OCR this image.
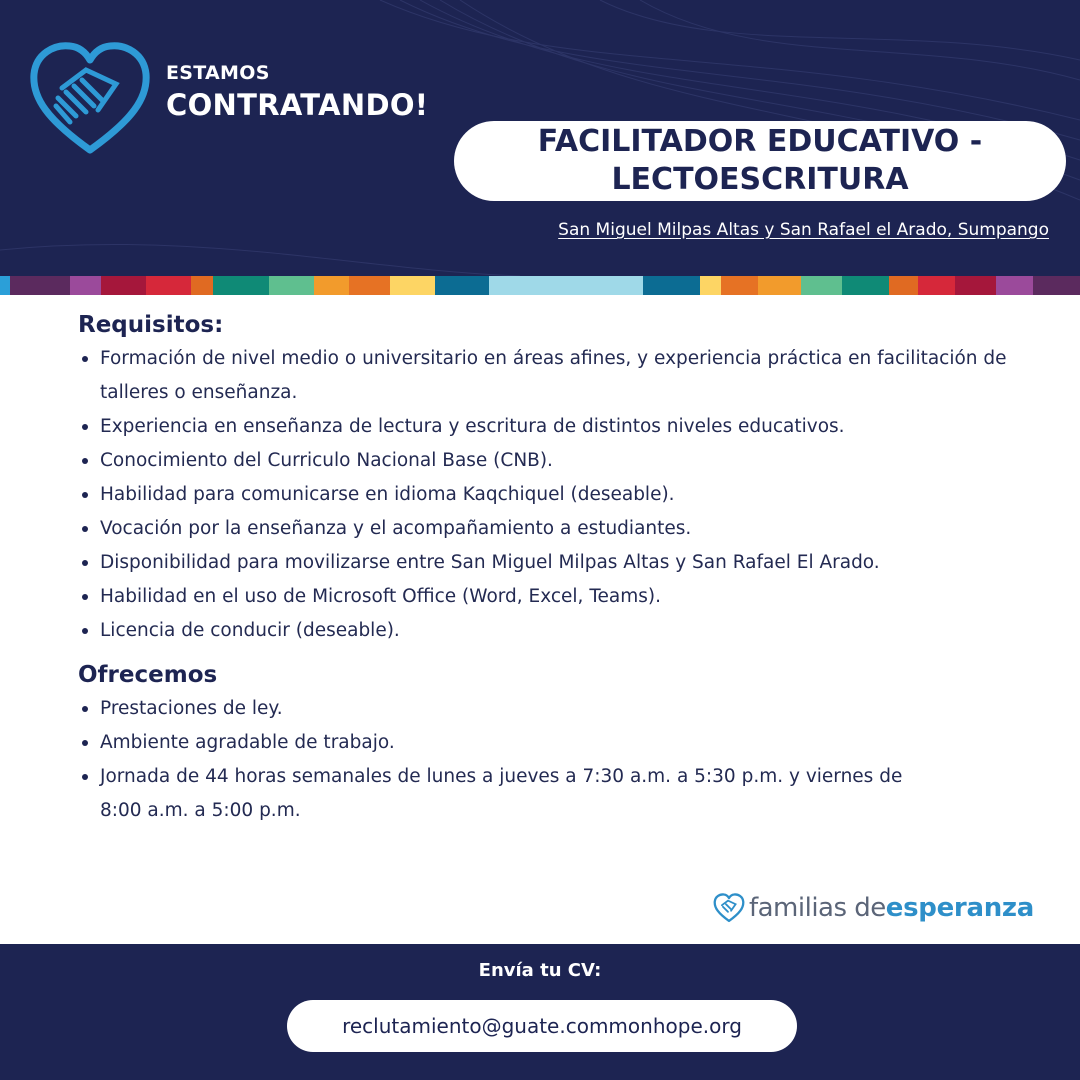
ESTAMOS
CONTRATANDO!
FACILITADOR EDUCATIVO -
LECTOESCRITURA
San Miguel Milpas Altas y San Rafael el Arado, Sumpango
Requisitos:
Formación de nivel medio o universitario en áreas afines, y experiencia práctica en facilitación de talleres o enseñanza.
Experiencia en enseñanza de lectura y escritura de distintos niveles educativos.
Conocimiento del Curriculo Nacional Base (CNB).
Habilidad para comunicarse en idioma Kaqchiquel (deseable).
Vocación por la enseñanza y el acompañamiento a estudiantes.
Disponibilidad para movilizarse entre San Miguel Milpas Altas y San Rafael El Arado.
Habilidad en el uso de Microsoft Office (Word, Excel, Teams).
Licencia de conducir (deseable).
Ofrecemos
Prestaciones de ley.
Ambiente agradable de trabajo.
Jornada de 44 horas semanales de lunes a jueves a 7:30 a.m. a 5:30 p.m. y viernes de 8:00 a.m. a 5:00 p.m.
familias de esperanza
Envía tu CV:
reclutamiento@guate.commonhope.org
